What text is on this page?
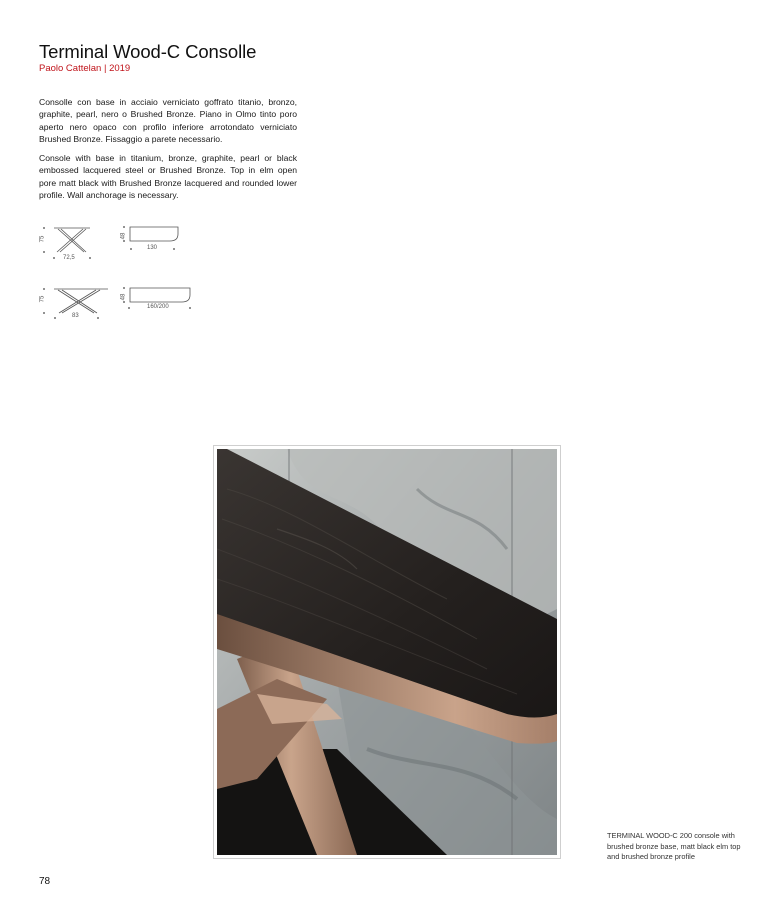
Terminal Wood-C Consolle

Paolo Cattelan | 2019

Consolle con base in acciaio verniciato goffrato titanio, bronzo, graphite, pearl, nero o Brushed Bronze. Piano in Olmo tinto poro aperto nero opaco con profilo inferiore arrotondato verniciato Brushed Bronze. Fissaggio a parete necessario.

Console with base in titanium, bronze, graphite, pearl or black embossed lacquered steel or Brushed Bronze. Top in elm open pore matt black with Brushed Bronze lacquered and rounded lower profile. Wall anchorage is necessary.

75
72,5
48
130
75
83
48
160/200

TERMINAL WOOD-C 200 console with brushed bronze base, matt black elm top and brushed bronze profile

78
